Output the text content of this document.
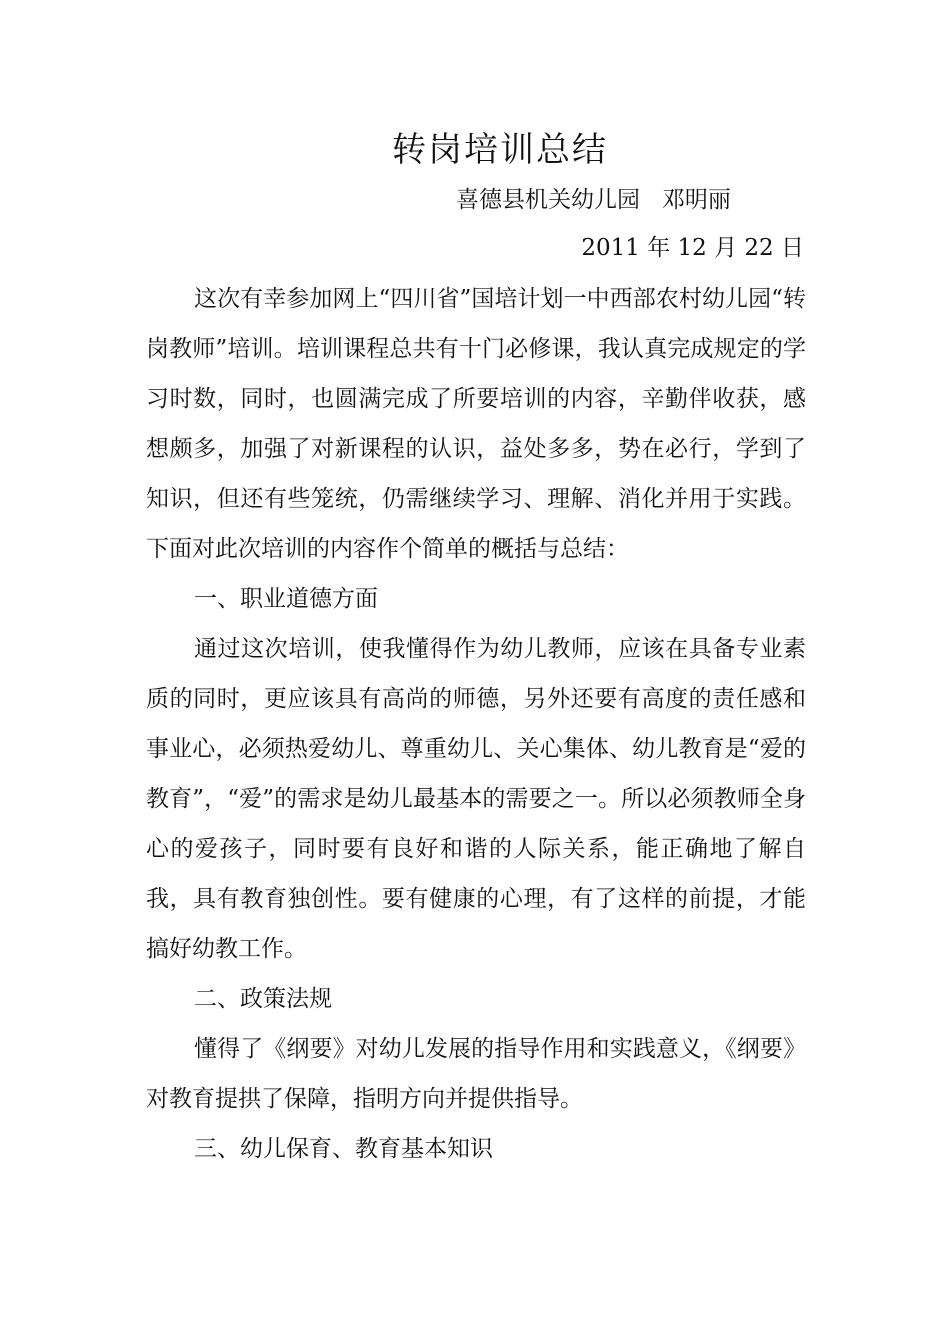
转岗培训总结
喜德县机关幼儿园   邓明丽
2011 年 12 月 22 日

这次有幸参加网上“四川省”国培计划一中西部农村幼儿园“转岗教师”培训。培训课程总共有十门必修课，我认真完成规定的学习时数，同时，也圆满完成了所要培训的内容，辛勤伴收获，感想颇多，加强了对新课程的认识，益处多多，势在必行，学到了知识，但还有些笼统，仍需继续学习、理解、消化并用于实践。下面对此次培训的内容作个简单的概括与总结：

一、职业道德方面

通过这次培训，使我懂得作为幼儿教师，应该在具备专业素质的同时，更应该具有高尚的师德，另外还要有高度的责任感和事业心，必须热爱幼儿、尊重幼儿、关心集体、幼儿教育是“爱的教育”，“爱”的需求是幼儿最基本的需要之一。所以必须教师全身心的爱孩子，同时要有良好和谐的人际关系，能正确地了解自我，具有教育独创性。要有健康的心理，有了这样的前提，才能搞好幼教工作。

二、政策法规

懂得了《纲要》对幼儿发展的指导作用和实践意义，《纲要》对教育提拱了保障，指明方向并提供指导。

三、幼儿保育、教育基本知识
